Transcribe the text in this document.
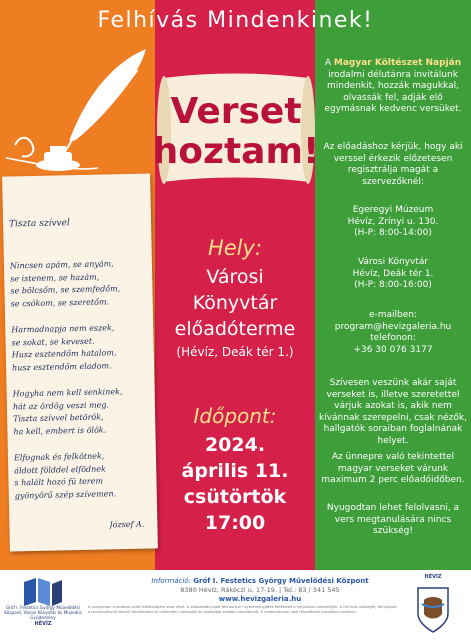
Felhívás Mindenkinek!
Tiszta szívvel
Nincsen apám, se anyám,
se istenem, se hazám,
se bölcsőm, se szemfedőm,
se csókom, se szeretőm.
Harmadnapja nem eszek,
se sokat, se keveset.
Husz esztendőm hatalom,
husz esztendőm eladom.
Hogyha nem kell senkinek,
hát az ördög veszi meg.
Tiszta szívvel betörök,
ha kell, embert is ölök.
Elfognak és felkötnek,
áldott földdel elfödnek
s halált hozó fü terem
gyönyörű szép szívemen.
József A.
Verset
hoztam!
Hely:
Városi
Könyvtár
előadóterme
(Hévíz, Deák tér 1.)
Időpont:
2024.
április 11.
csütörtök
17:00
A Magyar Költészet Napján irodalmi délutánra invitálunk mindenkit, hozzák magukkal, olvassák fel, adják elő egymásnak kedvenc versüket.
Az előadáshoz kérjük, hogy aki verssel érkezik előzetesen regisztrálja magát a szervezőknél:
Egeregyi Múzeum
Hévíz, Zrínyi u. 130.
(H-P: 8:00-14:00)
Városi Könyvtár
Hévíz, Deák tér 1.
(H-P: 8:00-16:00)
e-mailben:
program@hevizgaleria.hu
telefonon:
+36 30 076 3177
Szívesen veszünk akár saját verseket is, illetve szeretettel várjuk azokat is, akik nem kívánnak szerepelni, csak nézők, hallgatók soraiban foglalnának helyet.
Az ünnepre való tekintettel magyar verseket várunk maximum 2 perc előadóidőben.
Nyugodtan lehet felolvasni, a vers megtanulására nincs szükség!
Gróf I. Festetics György Művelődési Központ, Városi Könyvtár és Muzeális Gyűjtemény
HÉVÍZ
Információ: Gróf I. Festetics György Művelődési Központ
8380 Hévíz, Rákóczi u. 17-19. | Tel.: 83 / 341 545
www.hevizgaleria.hu
A programon a rendező saját felelősségére vesz részt. A változtatás jogát fenntartjuk! Nyereményjáték feltételeit a helyszínen ismertetjük. A Felhívás szövegét, fényképeit, a rendezvényről készült felvételeket az intézmény honlapján és közösségi oldalain közzéteheti. A rendezvényen való részvétellel hozzájárul ezekhez.
HÉVÍZ
